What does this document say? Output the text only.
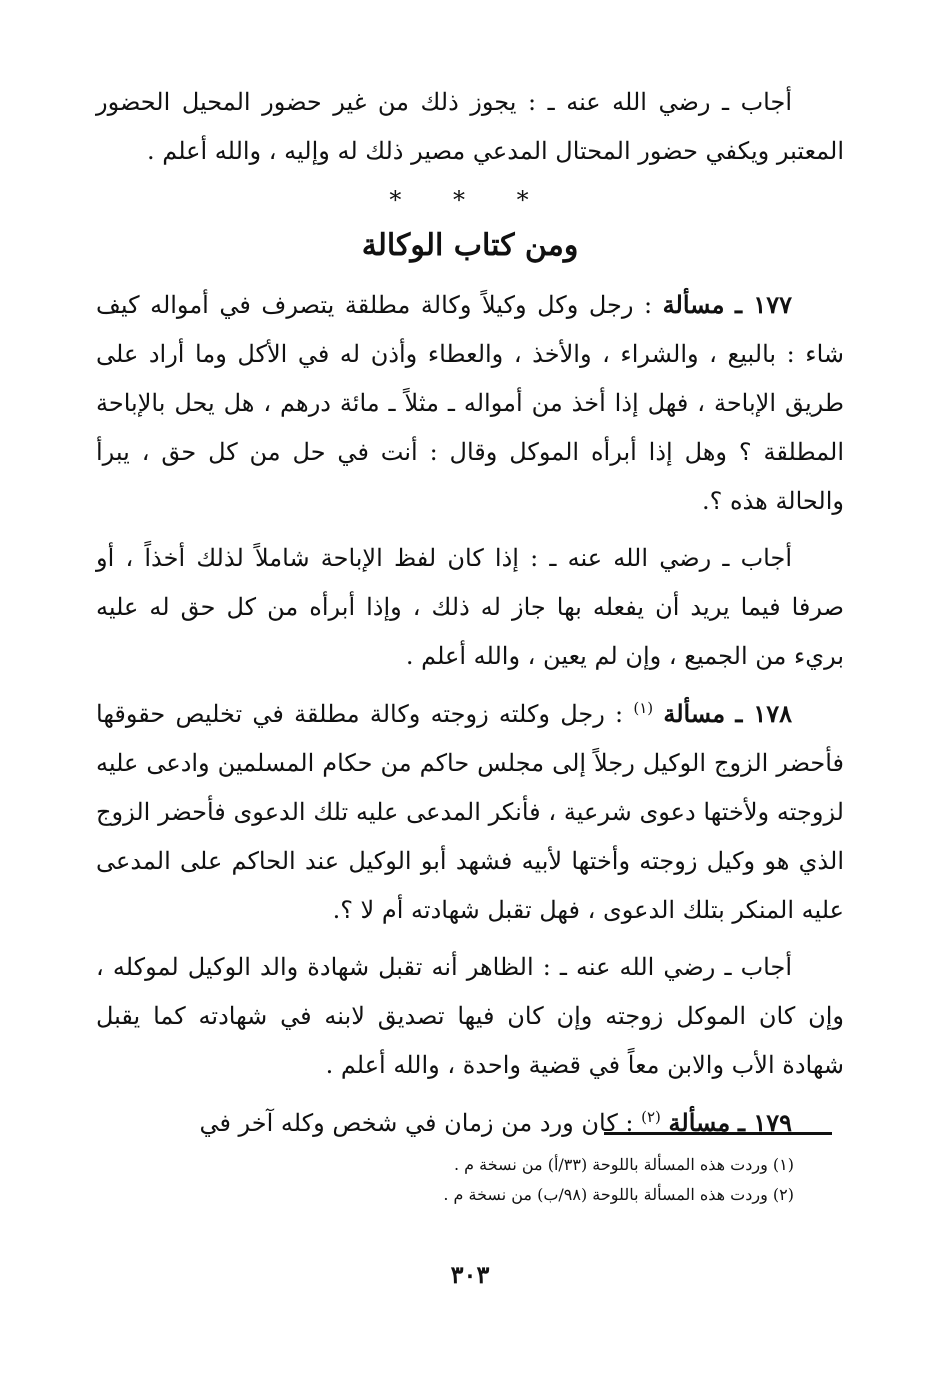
أجاب ـ رضي الله عنه ـ : يجوز ذلك من غير حضور المحيل الحضور المعتبر ويكفي حضور المحتال المدعي مصير ذلك له وإليه ، والله أعلم .

* * *
ومن كتاب الوكالة

١٧٧ ـ مسألة : رجل وكل وكيلاً وكالة مطلقة يتصرف في أمواله كيف شاء : بالبيع ، والشراء ، والأخذ ، والعطاء وأذن له في الأكل وما أراد على طريق الإباحة ، فهل إذا أخذ من أمواله ـ مثلاً ـ مائة درهم ، هل يحل بالإباحة المطلقة ؟ وهل إذا أبرأه الموكل وقال : أنت في حل من كل حق ، يبرأ والحالة هذه ؟.

أجاب ـ رضي الله عنه ـ : إذا كان لفظ الإباحة شاملاً لذلك أخذاً ، أو صرفا فيما يريد أن يفعله بها جاز له ذلك ، وإذا أبرأه من كل حق له عليه بريء من الجميع ، وإن لم يعين ، والله أعلم .

١٧٨ ـ مسألة $^{(١)}$ : رجل وكلته زوجته وكالة مطلقة في تخليص حقوقها فأحضر الزوج الوكيل رجلاً إلى مجلس حاكم من حكام المسلمين وادعى عليه لزوجته ولأختها دعوى شرعية ، فأنكر المدعى عليه تلك الدعوى فأحضر الزوج الذي هو وكيل زوجته وأختها لأبيه فشهد أبو الوكيل عند الحاكم على المدعى عليه المنكر بتلك الدعوى ، فهل تقبل شهادته أم لا ؟.

أجاب ـ رضي الله عنه ـ : الظاهر أنه تقبل شهادة والد الوكيل لموكله ، وإن كان الموكل زوجته وإن كان فيها تصديق لابنه في شهادته كما يقبل شهادة الأب والابن معاً في قضية واحدة ، والله أعلم .

١٧٩ ـ مسألة $^{(٢)}$ : كان ورد من زمان في شخص وكله آخر في

(١) وردت هذه المسألة باللوحة (٣٣/أ) من نسخة م .
(٢) وردت هذه المسألة باللوحة (٩٨/ب) من نسخة م .
٣٠٣
